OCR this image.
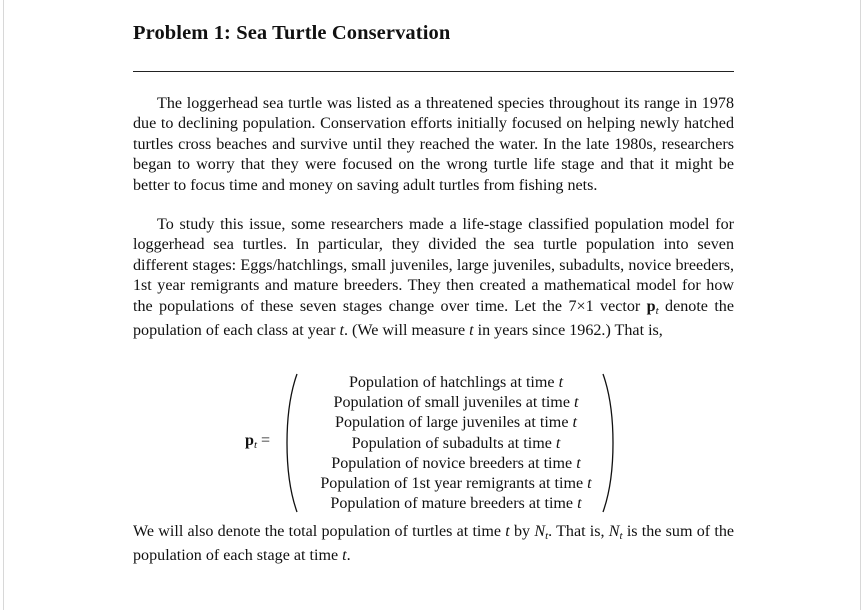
Problem 1: Sea Turtle Conservation
The loggerhead sea turtle was listed as a threatened species throughout its range in 1978 due to declining population. Conservation efforts initially focused on helping newly hatched turtles cross beaches and survive until they reached the water. In the late 1980s, researchers began to worry that they were focused on the wrong turtle life stage and that it might be better to focus time and money on saving adult turtles from fishing nets.
To study this issue, some researchers made a life-stage classified population model for loggerhead sea turtles. In particular, they divided the sea turtle population into seven different stages: Eggs/hatchlings, small juveniles, large juveniles, subadults, novice breeders, 1st year remigrants and mature breeders. They then created a mathematical model for how the populations of these seven stages change over time. Let the 7×1 vector $p_t$ denote the population of each class at year t. (We will measure t in years since 1962.) That is,
$p_t$ =
Population of hatchlings at time t
Population of small juveniles at time t
Population of large juveniles at time t
Population of subadults at time t
Population of novice breeders at time t
Population of 1st year remigrants at time t
Population of mature breeders at time t
We will also denote the total population of turtles at time t by $N_t$. That is, $N_t$ is the sum of the population of each stage at time t.
